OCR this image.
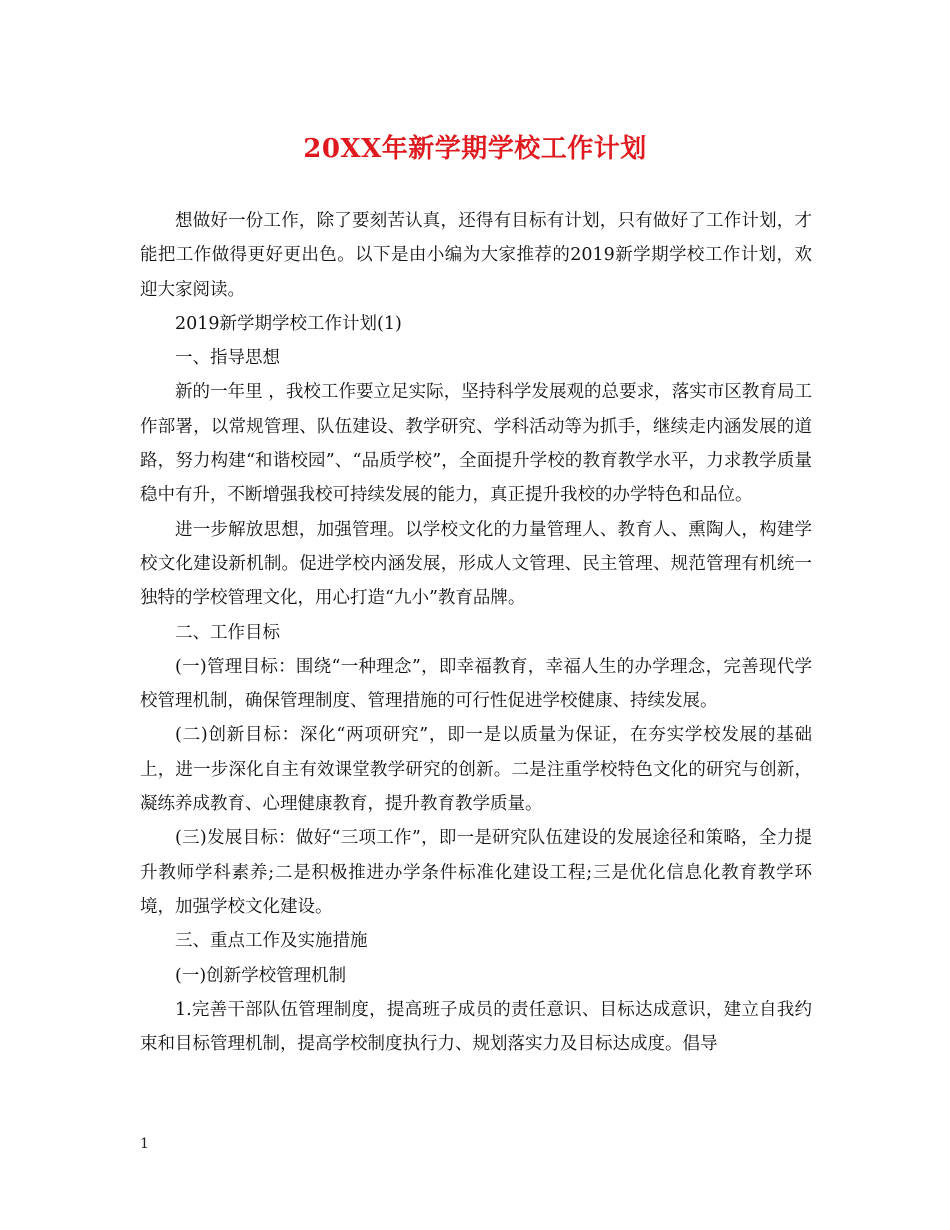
20XX年新学期学校工作计划

想做好一份工作，除了要刻苦认真，还得有目标有计划，只有做好了工作计划，才能把工作做得更好更出色。以下是由小编为大家推荐的2019新学期学校工作计划，欢迎大家阅读。

2019新学期学校工作计划(1)

一、指导思想

新的一年里 ，我校工作要立足实际，坚持科学发展观的总要求，落实市区教育局工作部署，以常规管理、队伍建设、教学研究、学科活动等为抓手，继续走内涵发展的道路，努力构建“和谐校园”、“品质学校”，全面提升学校的教育教学水平，力求教学质量稳中有升，不断增强我校可持续发展的能力，真正提升我校的办学特色和品位。

进一步解放思想，加强管理。以学校文化的力量管理人、教育人、熏陶人，构建学校文化建设新机制。促进学校内涵发展，形成人文管理、民主管理、规范管理有机统一独特的学校管理文化，用心打造“九小”教育品牌。

二、工作目标

(一)管理目标：围绕“一种理念”，即幸福教育，幸福人生的办学理念，完善现代学校管理机制，确保管理制度、管理措施的可行性促进学校健康、持续发展。

(二)创新目标：深化“两项研究”，即一是以质量为保证，在夯实学校发展的基础上，进一步深化自主有效课堂教学研究的创新。二是注重学校特色文化的研究与创新，凝练养成教育、心理健康教育，提升教育教学质量。

(三)发展目标：做好“三项工作”，即一是研究队伍建设的发展途径和策略，全力提升教师学科素养;二是积极推进办学条件标准化建设工程;三是优化信息化教育教学环境，加强学校文化建设。

三、重点工作及实施措施

(一)创新学校管理机制

1.完善干部队伍管理制度，提高班子成员的责任意识、目标达成意识，建立自我约束和目标管理机制，提高学校制度执行力、规划落实力及目标达成度。倡导

1
